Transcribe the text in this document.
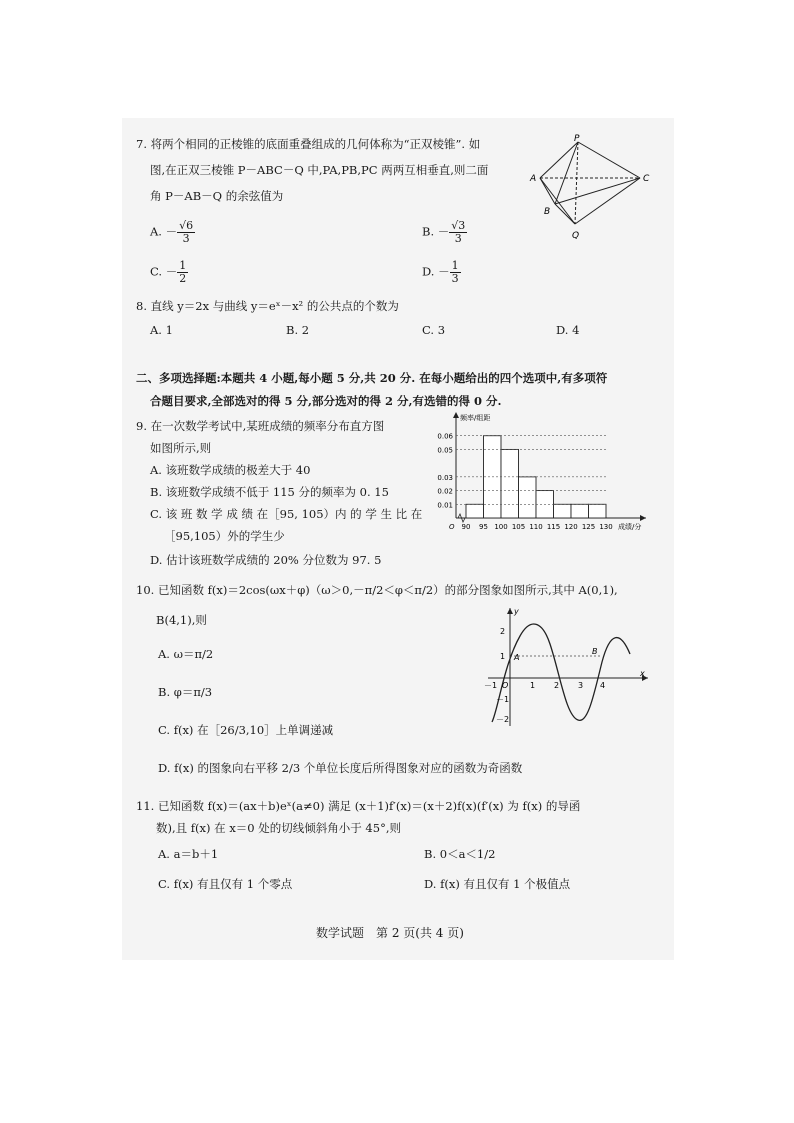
7. 将两个相同的正棱锥的底面重叠组成的几何体称为“正双棱锥”. 如
图,在正双三棱锥 P－ABC－Q 中,PA,PB,PC 两两互相垂直,则二面
角 P－AB－Q 的余弦值为
P
A
B
C
Q
A. － $\frac{√6}{3}$	B. － $\frac{√3}{3}$
C. － $\frac{1}{2}$	D. － $\frac{1}{3}$
8. 直线 y＝2x 与曲线 y＝eˣ－x² 的公共点的个数为
A. 1	B. 2	C. 3	D. 4
二、多项选择题:本题共 4 小题,每小题 5 分,共 20 分. 在每小题给出的四个选项中,有多项符
合题目要求,全部选对的得 5 分,部分选对的得 2 分,有选错的得 0 分.
9. 在一次数学考试中,某班成绩的频率分布直方图
如图所示,则
A. 该班数学成绩的极差大于 40
B. 该班数学成绩不低于 115 分的频率为 0. 15
C. 该 班 数 学 成 绩 在［95, 105）内 的 学 生 比 在
［95,105）外的学生少
D. 估计该班数学成绩的 20% 分位数为 97. 5
0.01
0.02
0.03
0.05
0.06
90 95 100 105 110 115 120 125 130
O	成绩/分
频率/组距
10. 已知函数 f(x)＝2cos(ωx＋φ)（ω＞0,－π/2＜φ＜π/2）的部分图象如图所示,其中 A(0,1),
B(4,1),则
A. ω＝π/2
B. φ＝π/3
C. f(x) 在［26/3,10］上单调递减
D. f(x) 的图象向右平移 2/3 个单位长度后所得图象对应的函数为奇函数
x
y
－1 O	1 2 3 4
2
1
－1
－2
A
B
11. 已知函数 f(x)＝(ax＋b)eˣ(a≠0) 满足 (x＋1)f′(x)＝(x＋2)f(x)(f′(x) 为 f(x) 的导函
数),且 f(x) 在 x＝0 处的切线倾斜角小于 45°,则
A. a＝b＋1	B. 0＜a＜1/2
C. f(x) 有且仅有 1 个零点	D. f(x) 有且仅有 1 个极值点
数学试题　第 2 页(共 4 页)
